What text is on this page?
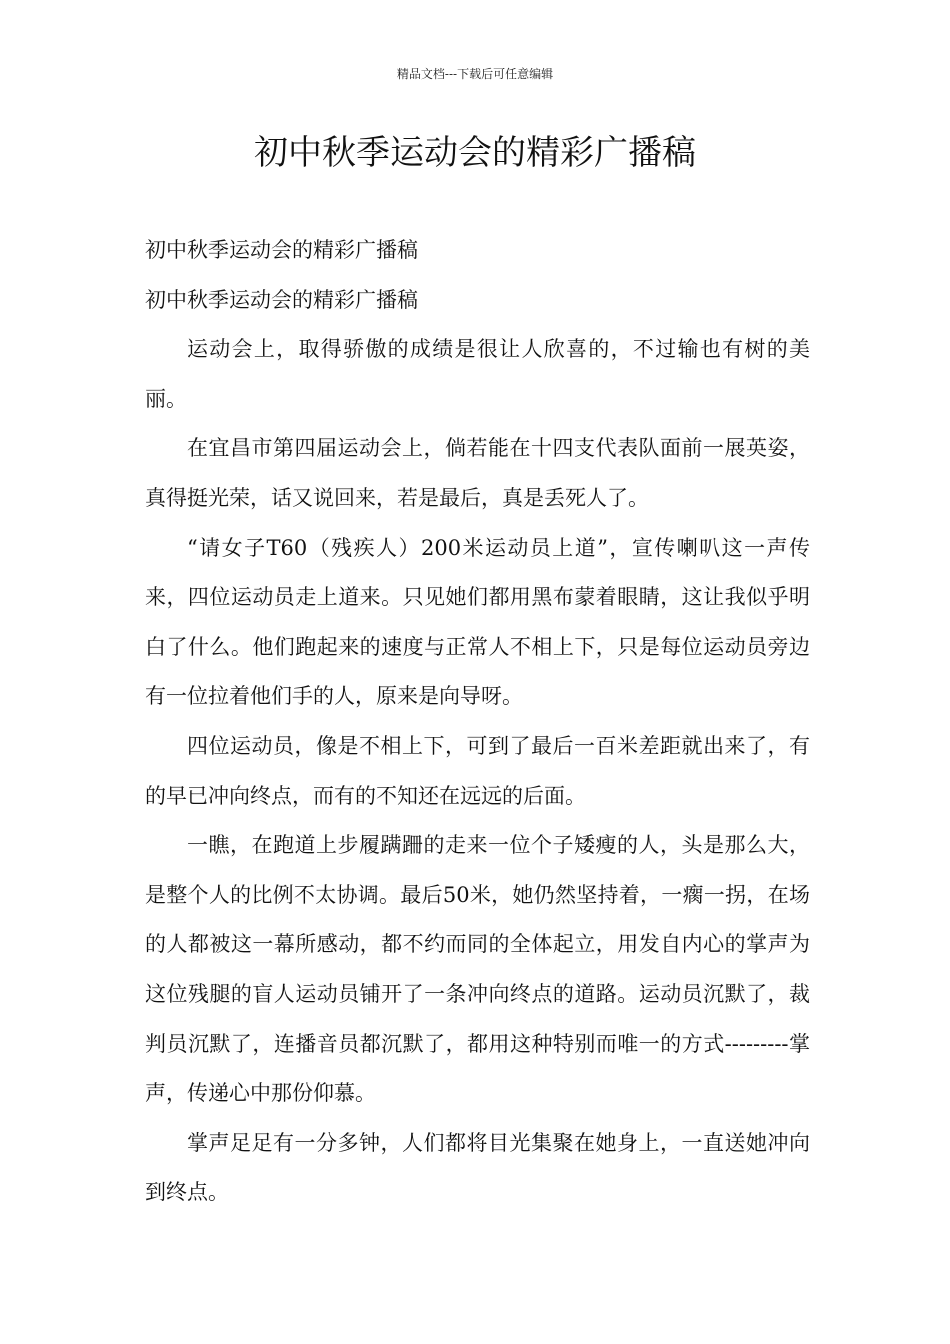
精品文档---下载后可任意编辑
初中秋季运动会的精彩广播稿

初中秋季运动会的精彩广播稿

初中秋季运动会的精彩广播稿

运动会上，取得骄傲的成绩是很让人欣喜的，不过输也有树的美丽。

在宜昌市第四届运动会上，倘若能在十四支代表队面前一展英姿，真得挺光荣，话又说回来，若是最后，真是丢死人了。

“请女子T60（残疾人）200米运动员上道”，宣传喇叭这一声传来，四位运动员走上道来。只见她们都用黑布蒙着眼睛，这让我似乎明白了什么。他们跑起来的速度与正常人不相上下，只是每位运动员旁边有一位拉着他们手的人，原来是向导呀。

四位运动员，像是不相上下，可到了最后一百米差距就出来了，有的早已冲向终点，而有的不知还在远远的后面。

一瞧，在跑道上步履蹒跚的走来一位个子矮瘦的人，头是那么大，是整个人的比例不太协调。最后50米，她仍然坚持着，一瘸一拐，在场的人都被这一幕所感动，都不约而同的全体起立，用发自内心的掌声为这位残腿的盲人运动员铺开了一条冲向终点的道路。运动员沉默了，裁判员沉默了，连播音员都沉默了，都用这种特别而唯一的方式---------掌声，传递心中那份仰慕。

掌声足足有一分多钟，人们都将目光集聚在她身上，一直送她冲向到终点。
